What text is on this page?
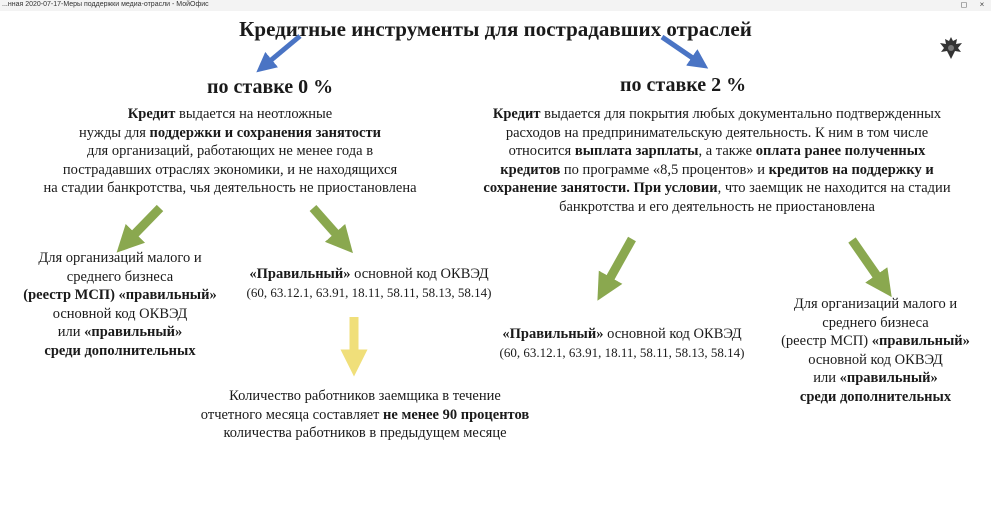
...нная 2020-07-17-Меры поддержки медиа-отрасли - МойОфис	◻	×
Кредитные инструменты для пострадавших отраслей
по ставке 0 %
Кредит выдается на неотложные
нужды для поддержки и сохранения занятости
для организаций, работающих не менее года в
пострадавших отраслях экономики, и не находящихся
на стадии банкротства, чья деятельность не приостановлена
Для организаций малого и
среднего бизнеса
(реестр МСП) «правильный»
основной код ОКВЭД
или «правильный»
среди дополнительных
«Правильный» основной код ОКВЭД
(60, 63.12.1, 63.91, 18.11, 58.11, 58.13, 58.14)
Количество работников заемщика в течение
отчетного месяца составляет не менее 90 процентов
количества работников в предыдущем месяце
по ставке 2 %
Кредит выдается для покрытия любых документально подтвержденных
расходов на предпринимательскую деятельность. К ним в том числе
относится выплата зарплаты, а также оплата ранее полученных
кредитов по программе «8,5 процентов» и кредитов на поддержку и
сохранение занятости. При условии, что заемщик не находится на стадии
банкротства и его деятельность не приостановлена
«Правильный» основной код ОКВЭД
(60, 63.12.1, 63.91, 18.11, 58.11, 58.13, 58.14)
Для организаций малого и
среднего бизнеса
(реестр МСП) «правильный»
основной код ОКВЭД
или «правильный»
среди дополнительных
